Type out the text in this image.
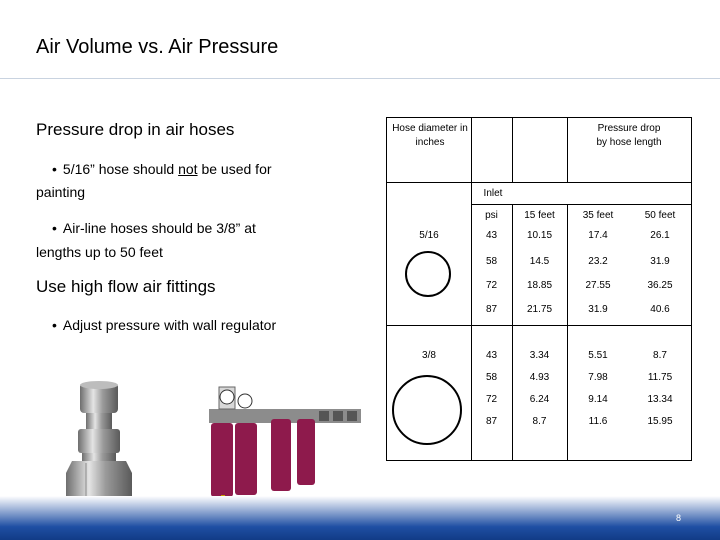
Air Volume vs. Air Pressure
Pressure drop in air hoses
• 5/16” hose should not be used for
painting
• Air-line hoses should be 3/8” at
lengths up to 50 feet
Use high flow air fittings
• Adjust pressure with wall regulator
Hose diameter in inches
Pressure drop by hose length
Inlet
psi	15 feet	35 feet	50 feet
5/16	43	10.15	17.4	26.1
58	14.5	23.2	31.9
72	18.85	27.55	36.25
87	21.75	31.9	40.6
3/8	43	3.34	5.51	8.7
58	4.93	7.98	11.75
72	6.24	9.14	13.34
87	8.7	11.6	15.95
8
